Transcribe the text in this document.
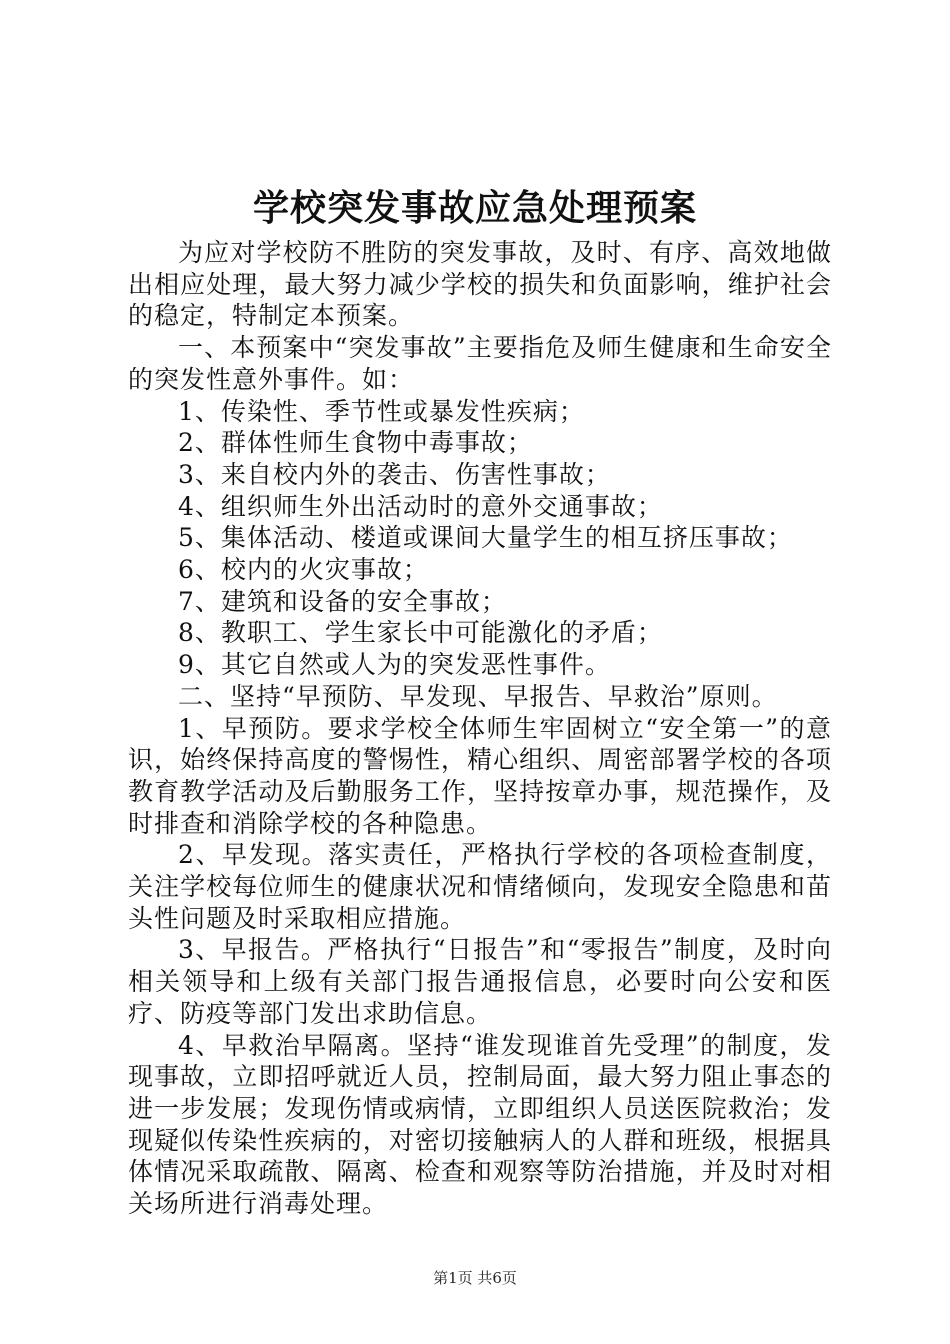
学校突发事故应急处理预案

为应对学校防不胜防的突发事故，及时、有序、高效地做出相应处理，最大努力减少学校的损失和负面影响，维护社会的稳定，特制定本预案。

一、本预案中“突发事故”主要指危及师生健康和生命安全的突发性意外事件。如：

1、传染性、季节性或暴发性疾病；

2、群体性师生食物中毒事故；

3、来自校内外的袭击、伤害性事故；

4、组织师生外出活动时的意外交通事故；

5、集体活动、楼道或课间大量学生的相互挤压事故；

6、校内的火灾事故；

7、建筑和设备的安全事故；

8、教职工、学生家长中可能激化的矛盾；

9、其它自然或人为的突发恶性事件。

二、坚持“早预防、早发现、早报告、早救治”原则。

1、早预防。要求学校全体师生牢固树立“安全第一”的意识，始终保持高度的警惕性，精心组织、周密部署学校的各项教育教学活动及后勤服务工作，坚持按章办事，规范操作，及时排查和消除学校的各种隐患。

2、早发现。落实责任，严格执行学校的各项检查制度，关注学校每位师生的健康状况和情绪倾向，发现安全隐患和苗头性问题及时采取相应措施。

3、早报告。严格执行“日报告”和“零报告”制度，及时向相关领导和上级有关部门报告通报信息，必要时向公安和医疗、防疫等部门发出求助信息。

4、早救治早隔离。坚持“谁发现谁首先受理”的制度，发现事故，立即招呼就近人员，控制局面，最大努力阻止事态的进一步发展；发现伤情或病情，立即组织人员送医院救治；发现疑似传染性疾病的，对密切接触病人的人群和班级，根据具体情况采取疏散、隔离、检查和观察等防治措施，并及时对相关场所进行消毒处理。

第1页 共6页
